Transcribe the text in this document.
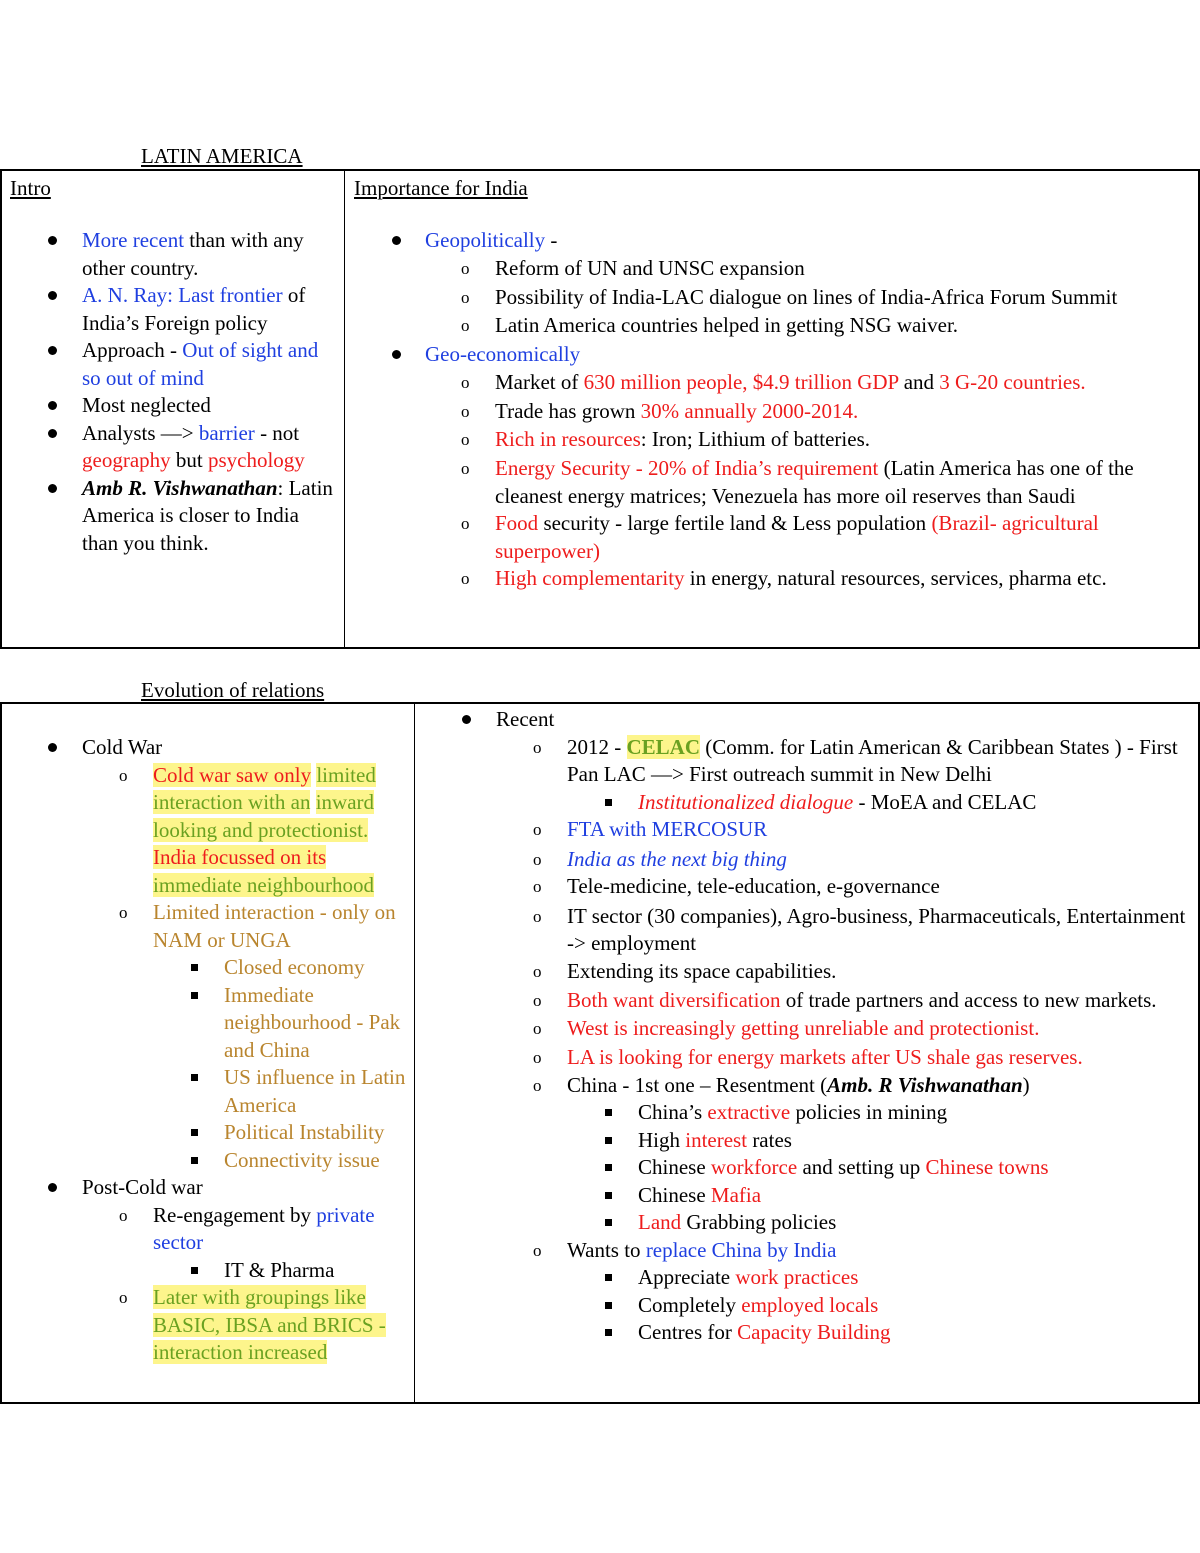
LATIN AMERICA
Intro
More recent than with any other country.
A. N. Ray: Last frontier of India’s Foreign policy
Approach - Out of sight and so out of mind
Most neglected
Analysts —> barrier - not geography but psychology
Amb R. Vishwanathan: Latin America is closer to India than you think.
Importance for India
Geopolitically -
o Reform of UN and UNSC expansion
o Possibility of India-LAC dialogue on lines of India-Africa Forum Summit
o Latin America countries helped in getting NSG waiver.
Geo-economically
o Market of 630 million people, $4.9 trillion GDP and 3 G-20 countries.
o Trade has grown 30% annually 2000-2014.
o Rich in resources: Iron; Lithium of batteries.
o Energy Security - 20% of India’s requirement (Latin America has one of the cleanest energy matrices; Venezuela has more oil reserves than Saudi
o Food security - large fertile land & Less population (Brazil- agricultural superpower)
o High complementarity in energy, natural resources, services, pharma etc.
Evolution of relations
Cold War
o Cold war saw only limited interaction with an inward looking and protectionist. India focussed on its immediate neighbourhood
o Limited interaction - only on NAM or UNGA
Closed economy
Immediate neighbourhood - Pak and China
US influence in Latin America
Political Instability
Connectivity issue
Post-Cold war
o Re-engagement by private sector
IT & Pharma
o Later with groupings like BASIC, IBSA and BRICS - interaction increased
Recent
o 2012 - CELAC (Comm. for Latin American & Caribbean States ) - First Pan LAC —> First outreach summit in New Delhi
Institutionalized dialogue - MoEA and CELAC
o FTA with MERCOSUR
o India as the next big thing
o Tele-medicine, tele-education, e-governance
o IT sector (30 companies), Agro-business, Pharmaceuticals, Entertainment -> employment
o Extending its space capabilities.
o Both want diversification of trade partners and access to new markets.
o West is increasingly getting unreliable and protectionist.
o LA is looking for energy markets after US shale gas reserves.
o China - 1st one – Resentment (Amb. R Vishwanathan)
China’s extractive policies in mining
High interest rates
Chinese workforce and setting up Chinese towns
Chinese Mafia
Land Grabbing policies
o Wants to replace China by India
Appreciate work practices
Completely employed locals
Centres for Capacity Building
